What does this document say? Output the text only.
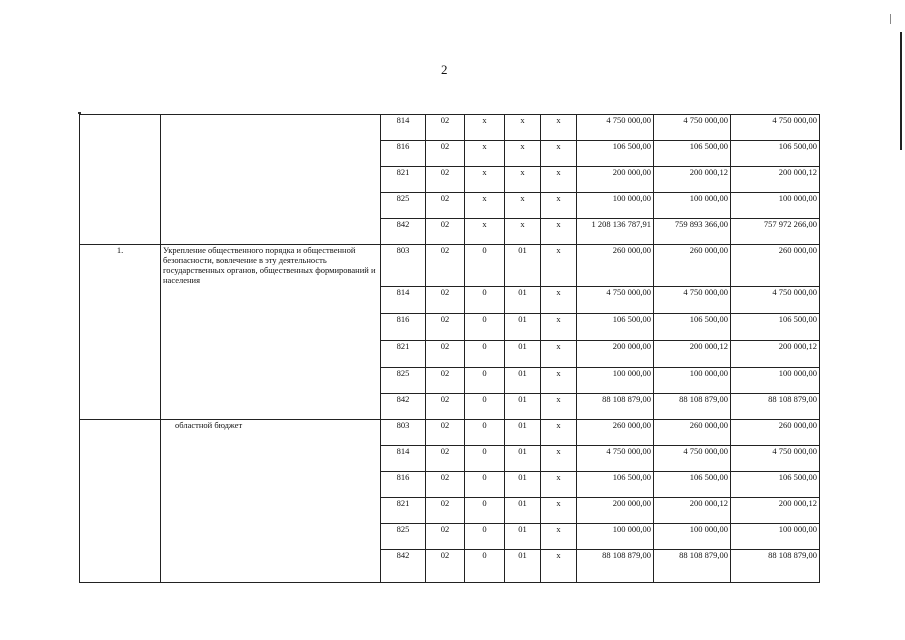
2
		814	02	x	x	x	4 750 000,00	4 750 000,00	4 750 000,00
		816	02	x	x	x	106 500,00	106 500,00	106 500,00
		821	02	x	x	x	200 000,00	200 000,12	200 000,12
		825	02	x	x	x	100 000,00	100 000,00	100 000,00
		842	02	x	x	x	1 208 136 787,91	759 893 366,00	757 972 266,00
1.	Укрепление общественного порядка и общественной безопасности, вовлечение в эту деятельность государственных органов, общественных формирований и населения	803	02	0	01	x	260 000,00	260 000,00	260 000,00
		814	02	0	01	x	4 750 000,00	4 750 000,00	4 750 000,00
		816	02	0	01	x	106 500,00	106 500,00	106 500,00
		821	02	0	01	x	200 000,00	200 000,12	200 000,12
		825	02	0	01	x	100 000,00	100 000,00	100 000,00
		842	02	0	01	x	88 108 879,00	88 108 879,00	88 108 879,00
	областной бюджет	803	02	0	01	x	260 000,00	260 000,00	260 000,00
		814	02	0	01	x	4 750 000,00	4 750 000,00	4 750 000,00
		816	02	0	01	x	106 500,00	106 500,00	106 500,00
		821	02	0	01	x	200 000,00	200 000,12	200 000,12
		825	02	0	01	x	100 000,00	100 000,00	100 000,00
		842	02	0	01	x	88 108 879,00	88 108 879,00	88 108 879,00
